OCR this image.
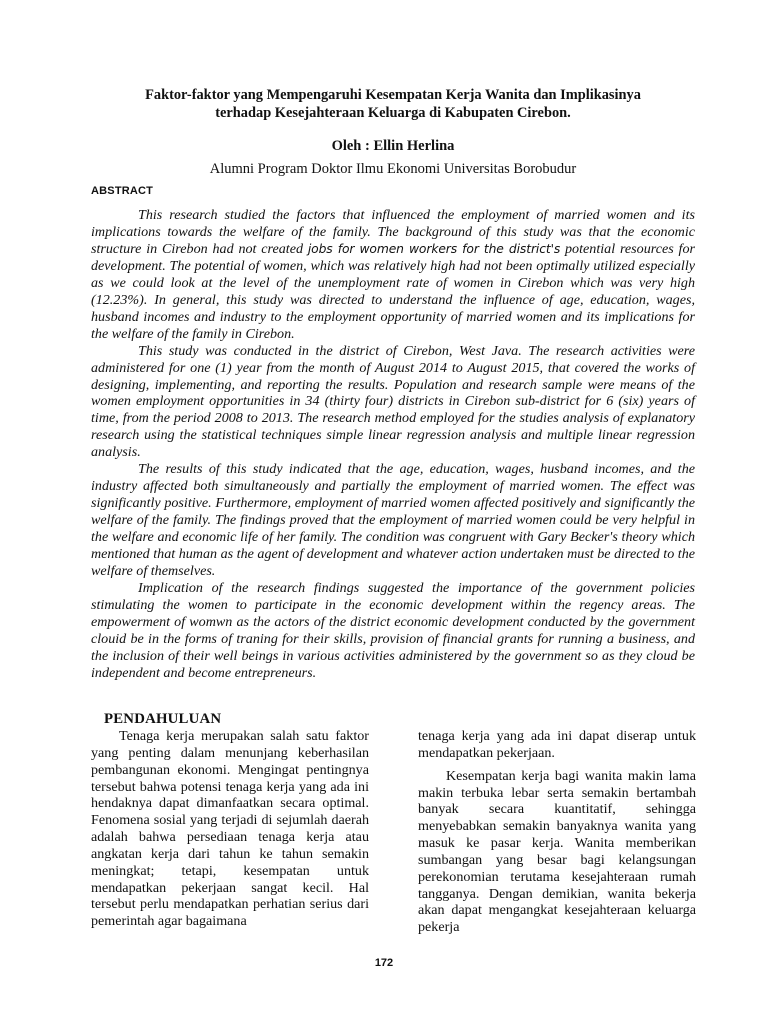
Faktor-faktor yang Mempengaruhi Kesempatan Kerja Wanita dan Implikasinya
terhadap Kesejahteraan Keluarga di Kabupaten Cirebon.
Oleh : Ellin Herlina
Alumni Program Doktor Ilmu Ekonomi Universitas Borobudur
ABSTRACT

This research studied the factors that influenced the employment of married women and its implications towards the welfare of the family. The background of this study was that the economic structure in Cirebon had not created jobs for women workers for the district's potential resources for development. The potential of women, which was relatively high had not been optimally utilized especially as we could look at the level of the unemployment rate of women in Cirebon which was very high (12.23%). In general, this study was directed to understand the influence of age, education, wages, husband incomes and industry to the employment opportunity of married women and its implications for the welfare of the family in Cirebon.

This study was conducted in the district of Cirebon, West Java. The research activities were administered for one (1) year from the month of August 2014 to August 2015, that covered the works of designing, implementing, and reporting the results. Population and research sample were means of the women employment opportunities in 34 (thirty four) districts in Cirebon sub-district for 6 (six) years of time, from the period 2008 to 2013. The research method employed for the studies analysis of explanatory research using the statistical techniques simple linear regression analysis and multiple linear regression analysis.

The results of this study indicated that the age, education, wages, husband incomes, and the industry affected both simultaneously and partially the employment of married women. The effect was significantly positive. Furthermore, employment of married women affected positively and significantly the welfare of the family. The findings proved that the employment of married women could be very helpful in the welfare and economic life of her family. The condition was congruent with Gary Becker's theory which mentioned that human as the agent of development and whatever action undertaken must be directed to the welfare of themselves.

Implication of the research findings suggested the importance of the government policies stimulating the women to participate in the economic development within the regency areas. The empowerment of womwn as the actors of the district economic development conducted by the government clouid be in the forms of traning for their skills, provision of financial grants for running a business, and the inclusion of their well beings in various activities administered by the government so as they cloud be independent and become entrepreneurs.

PENDAHULUAN

Tenaga kerja merupakan salah satu faktor yang penting dalam menunjang keberhasilan pembangunan ekonomi. Mengingat pentingnya tersebut bahwa potensi tenaga kerja yang ada ini hendaknya dapat dimanfaatkan secara optimal. Fenomena sosial yang terjadi di sejumlah daerah adalah bahwa persediaan tenaga kerja atau angkatan kerja dari tahun ke tahun semakin meningkat; tetapi, kesempatan untuk mendapatkan pekerjaan sangat kecil. Hal tersebut perlu mendapatkan perhatian serius dari pemerintah agar bagaimana

tenaga kerja yang ada ini dapat diserap untuk mendapatkan pekerjaan.

Kesempatan kerja bagi wanita makin lama makin terbuka lebar serta semakin bertambah banyak secara kuantitatif, sehingga menyebabkan semakin banyaknya wanita yang masuk ke pasar kerja. Wanita memberikan sumbangan yang besar bagi kelangsungan perekonomian terutama kesejahteraan rumah tangganya. Dengan demikian, wanita bekerja akan dapat mengangkat kesejahteraan keluarga pekerja

172
